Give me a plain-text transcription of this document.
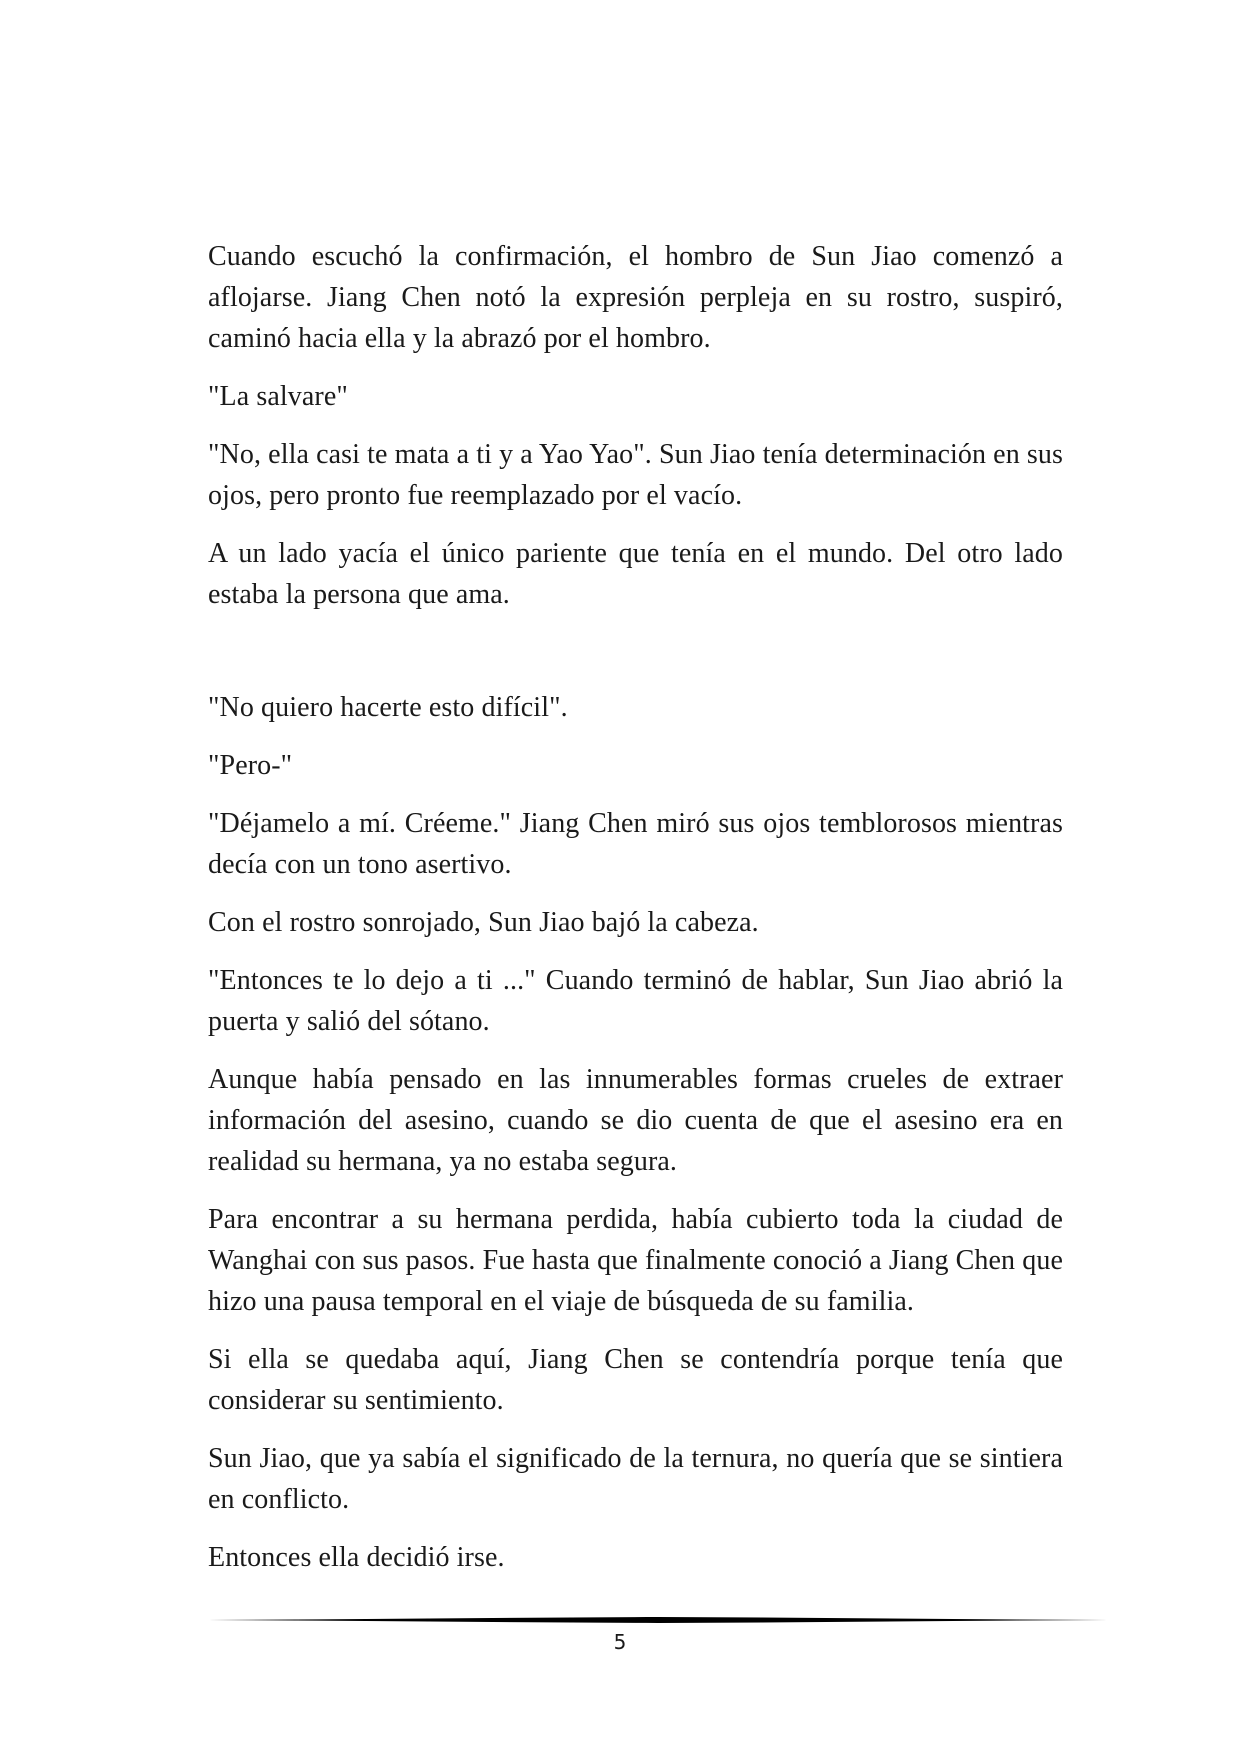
Cuando escuchó la confirmación, el hombro de Sun Jiao comenzó a aflojarse. Jiang Chen notó la expresión perpleja en su rostro, suspiró, caminó hacia ella y la abrazó por el hombro.

"La salvare"

"No, ella casi te mata a ti y a Yao Yao". Sun Jiao tenía determinación en sus ojos, pero pronto fue reemplazado por el vacío.

A un lado yacía el único pariente que tenía en el mundo. Del otro lado estaba la persona que ama.

"No quiero hacerte esto difícil".

"Pero-"

"Déjamelo a mí. Créeme." Jiang Chen miró sus ojos temblorosos mientras decía con un tono asertivo.

Con el rostro sonrojado, Sun Jiao bajó la cabeza.

"Entonces te lo dejo a ti ..." Cuando terminó de hablar, Sun Jiao abrió la puerta y salió del sótano.

Aunque había pensado en las innumerables formas crueles de extraer información del asesino, cuando se dio cuenta de que el asesino era en realidad su hermana, ya no estaba segura.

Para encontrar a su hermana perdida, había cubierto toda la ciudad de Wanghai con sus pasos. Fue hasta que finalmente conoció a Jiang Chen que hizo una pausa temporal en el viaje de búsqueda de su familia.

Si ella se quedaba aquí, Jiang Chen se contendría porque tenía que considerar su sentimiento.

Sun Jiao, que ya sabía el significado de la ternura, no quería que se sintiera en conflicto.

Entonces ella decidió irse.

5
